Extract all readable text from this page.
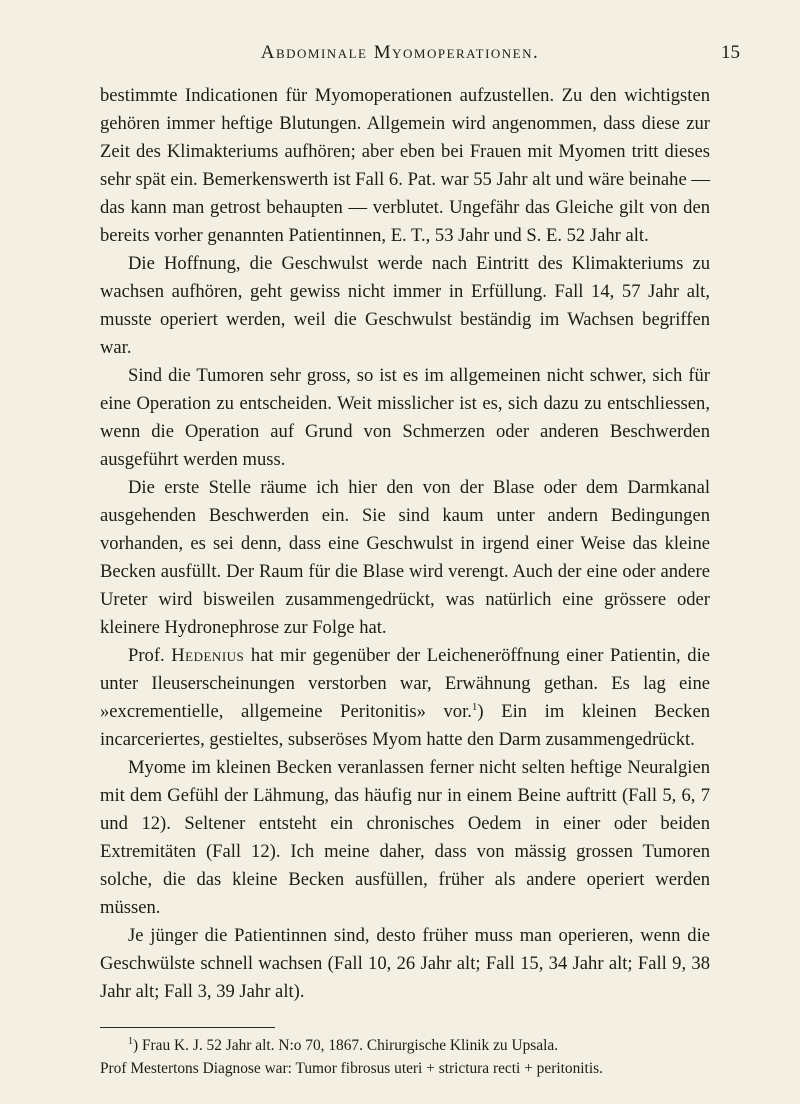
Abdominale Myomoperationen.	15

bestimmte Indicationen für Myomoperationen aufzustellen. Zu den wichtigsten gehören immer heftige Blutungen. Allgemein wird angenommen, dass diese zur Zeit des Klimakteriums aufhören; aber eben bei Frauen mit Myomen tritt dieses sehr spät ein. Bemerkenswerth ist Fall 6. Pat. war 55 Jahr alt und wäre beinahe — das kann man getrost behaupten — verblutet. Ungefähr das Gleiche gilt von den bereits vorher genannten Patientinnen, E. T., 53 Jahr und S. E. 52 Jahr alt.

Die Hoffnung, die Geschwulst werde nach Eintritt des Klimakteriums zu wachsen aufhören, geht gewiss nicht immer in Erfüllung. Fall 14, 57 Jahr alt, musste operiert werden, weil die Geschwulst beständig im Wachsen begriffen war.

Sind die Tumoren sehr gross, so ist es im allgemeinen nicht schwer, sich für eine Operation zu entscheiden. Weit misslicher ist es, sich dazu zu entschliessen, wenn die Operation auf Grund von Schmerzen oder anderen Beschwerden ausgeführt werden muss.

Die erste Stelle räume ich hier den von der Blase oder dem Darmkanal ausgehenden Beschwerden ein. Sie sind kaum unter andern Bedingungen vorhanden, es sei denn, dass eine Geschwulst in irgend einer Weise das kleine Becken ausfüllt. Der Raum für die Blase wird verengt. Auch der eine oder andere Ureter wird bisweilen zusammengedrückt, was natürlich eine grössere oder kleinere Hydronephrose zur Folge hat.

Prof. Hedenius hat mir gegenüber der Leicheneröffnung einer Patientin, die unter Ileuserscheinungen verstorben war, Erwähnung gethan. Es lag eine »excrementielle, allgemeine Peritonitis» vor.$^1$) Ein im kleinen Becken incarceriertes, gestieltes, subseröses Myom hatte den Darm zusammengedrückt.

Myome im kleinen Becken veranlassen ferner nicht selten heftige Neuralgien mit dem Gefühl der Lähmung, das häufig nur in einem Beine auftritt (Fall 5, 6, 7 und 12). Seltener entsteht ein chronisches Oedem in einer oder beiden Extremitäten (Fall 12). Ich meine daher, dass von mässig grossen Tumoren solche, die das kleine Becken ausfüllen, früher als andere operiert werden müssen.

Je jünger die Patientinnen sind, desto früher muss man operieren, wenn die Geschwülste schnell wachsen (Fall 10, 26 Jahr alt; Fall 15, 34 Jahr alt; Fall 9, 38 Jahr alt; Fall 3, 39 Jahr alt).

$^1$) Frau K. J. 52 Jahr alt. N:o 70, 1867. Chirurgische Klinik zu Upsala.
Prof Mestertons Diagnose war: Tumor fibrosus uteri + strictura recti + peritonitis.
